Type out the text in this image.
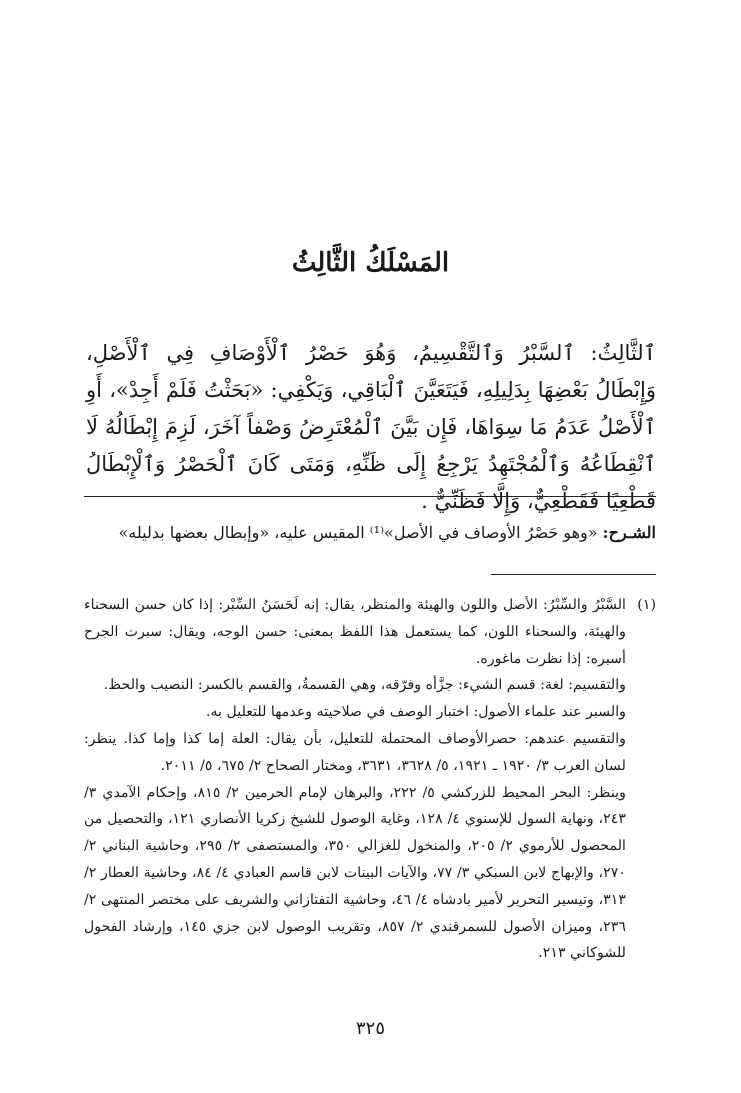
المَسْلَكُ الثَّالِثُ
ٱلثَّالِثُ: ٱلسَّبْرُ وَٱلتَّقْسِيمُ، وَهُوَ حَصْرُ ٱلْأَوْصَافِ فِي ٱلْأَصْلِ، وَإِبْطَالُ بَعْضِهَا بِدَلِيلِهِ، فَيَتَعَيَّنَ ٱلْبَاقِي، وَيَكْفِي: «بَحَثْتُ فَلَمْ أَجِدْ»، أَوِ ٱلْأَصْلُ عَدَمُ مَا سِوَاهَا، فَإِن بَيَّنَ ٱلْمُعْتَرِضُ وَصْفاً آخَرَ، لَزِمَ إِبْطَالُهُ لَا ٱنْقِطَاعُهُ وَٱلْمُجْتَهِدُ يَرْجِعُ إِلَى ظَنِّهِ، وَمَتَى كَانَ ٱلْحَصْرُ وَٱلْإِبْطَالُ قَطْعِيًا فَقَطْعِيٌّ، وَإِلَّا فَظَنِّيٌّ .
الشـرح: «وهو حَصْرُ الأوصاف في الأصل»⁽¹⁾ المقيس عليه، «وإبطال بعضها بدليله»
(١)

السَّبْرُ والسِّبْرُ: الأصل واللون والهيئة والمنظر، يقال: إنه لَحَسَنُ السِّبْر: إذا كان حسن السحناء والهيئة، والسحناء اللون، كما يستعمل هذا اللفظ بمعنى: حسن الوجه، ويقال: سبرت الجرح أسبره: إذا نظرت ماغوره.

والتقسيم: لغة: قسم الشيء: جزَّأه وفرّقه، وهي القسمةُ، والقسم بالكسر: النصيب والحظ.

والسبر عند علماء الأصول: اختبار الوصف في صلاحيته وعدمها للتعليل به.

والتقسيم عندهم: حصرالأوصاف المحتملة للتعليل، بأن يقال: العلة إما كذا وإما كذا. ينظر: لسان العرب ٣/ ١٩٢٠ ـ ١٩٢١، ٥/ ٣٦٢٨، ٣٦٣١، ومختار الصحاح ٢/ ٦٧٥، ٥/ ٢٠١١.

وينظر: البحر المحيط للزركشي ٥/ ٢٢٢، والبرهان لإمام الحرمين ٢/ ٨١٥، وإحكام الآمدي ٣/ ٢٤٣، ونهاية السول للإسنوي ٤/ ١٢٨، وغاية الوصول للشيخ زكريا الأنصاري ١٢١، والتحصيل من المحصول للأرموي ٢/ ٢٠٥، والمنخول للغزالي ٣٥٠، والمستصفى ٢/ ٢٩٥، وحاشية البناني ٢/ ٢٧٠، والإبهاج لابن السبكي ٣/ ٧٧، والآيات البينات لابن قاسم العبادي ٤/ ٨٤، وحاشية العطار ٢/ ٣١٣، وتيسير التحرير لأمير بادشاه ٤/ ٤٦، وحاشية التفتازاني والشريف على مختصر المنتهى ٢/ ٢٣٦، وميزان الأصول للسمرقندي ٢/ ٨٥٧، وتقريب الوصول لابن جزي ١٤٥، وإرشاد الفحول للشوكاني ٢١٣.

٣٢٥
